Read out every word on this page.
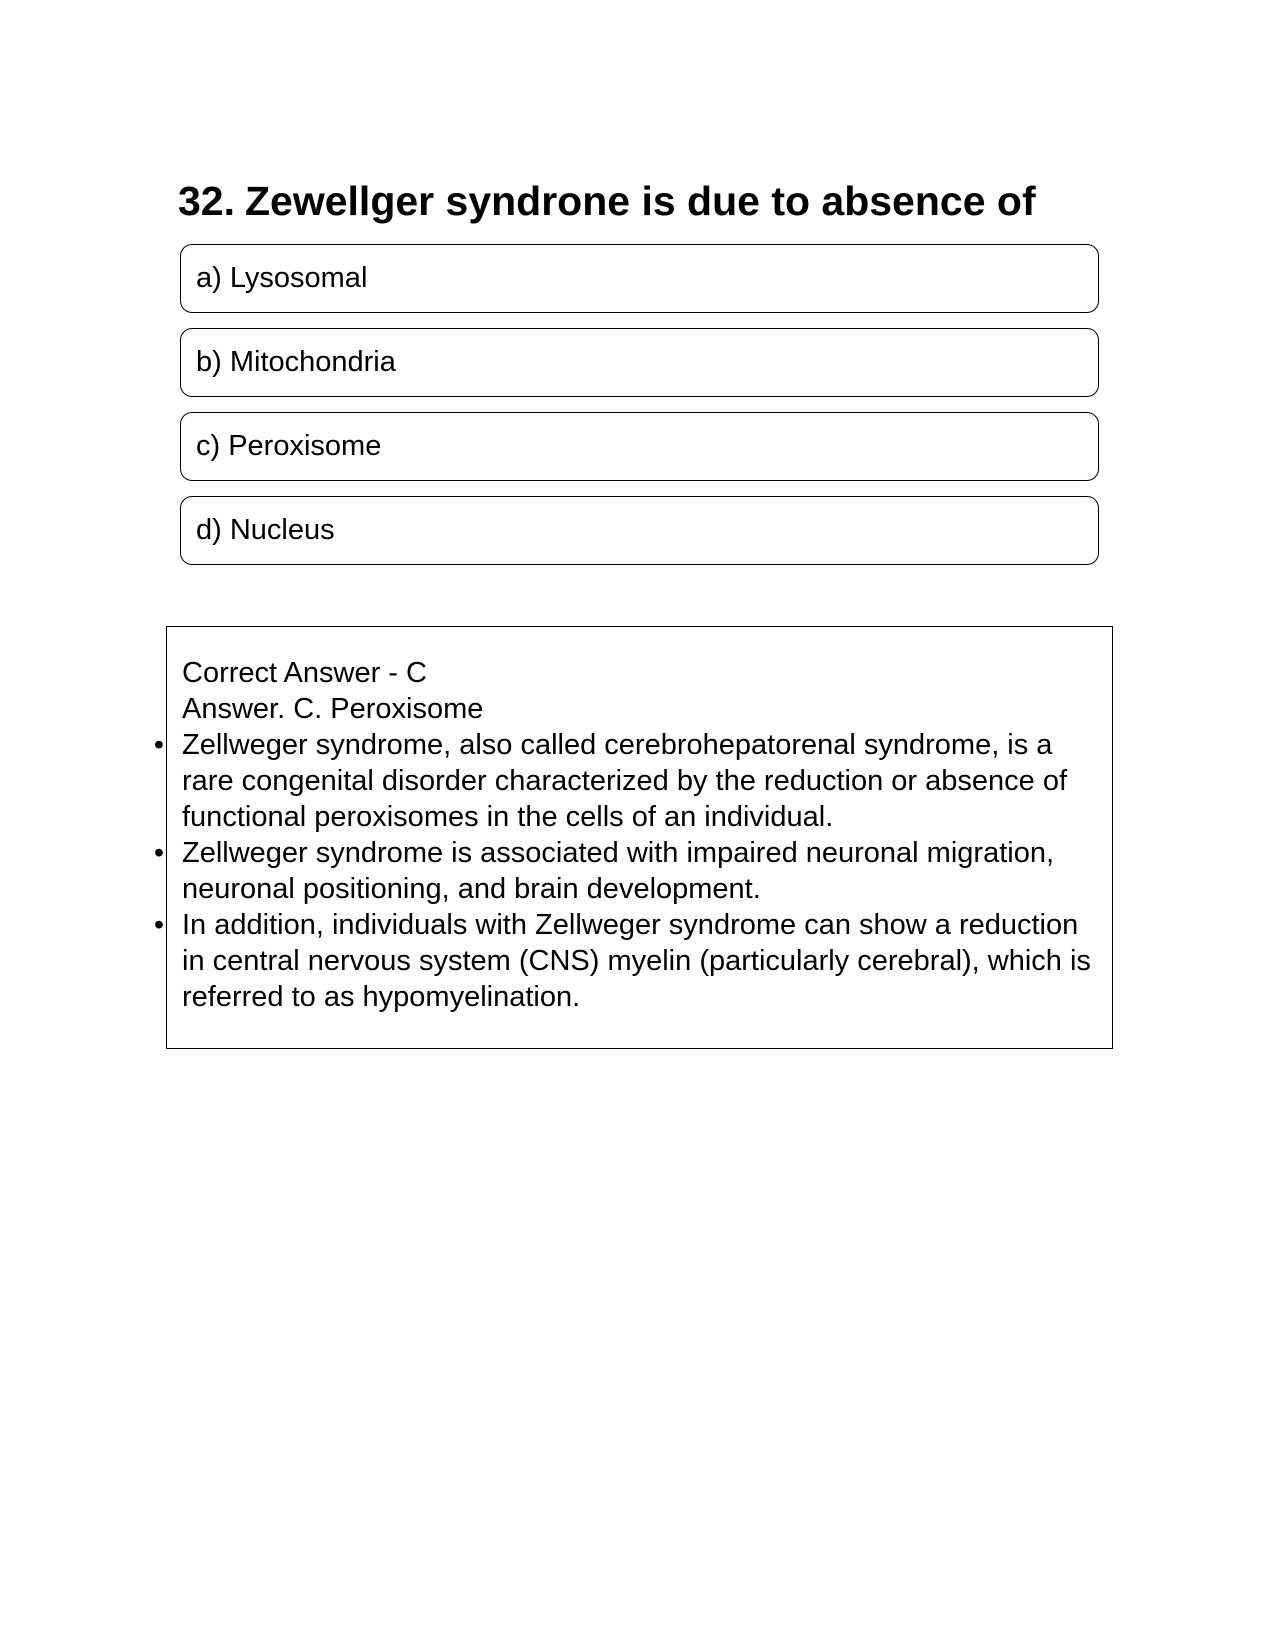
32. Zewellger syndrone is due to absence of
a) Lysosomal
b) Mitochondria
c) Peroxisome
d) Nucleus

Correct Answer - C

Answer. C. Peroxisome

• Zellweger syndrome, also called cerebrohepatorenal syndrome, is a rare congenital disorder characterized by the reduction or absence of functional peroxisomes in the cells of an individual.
• Zellweger syndrome is associated with impaired neuronal migration, neuronal positioning, and brain development.
• In addition, individuals with Zellweger syndrome can show a reduction in central nervous system (CNS) myelin (particularly cerebral), which is referred to as hypomyelination.
